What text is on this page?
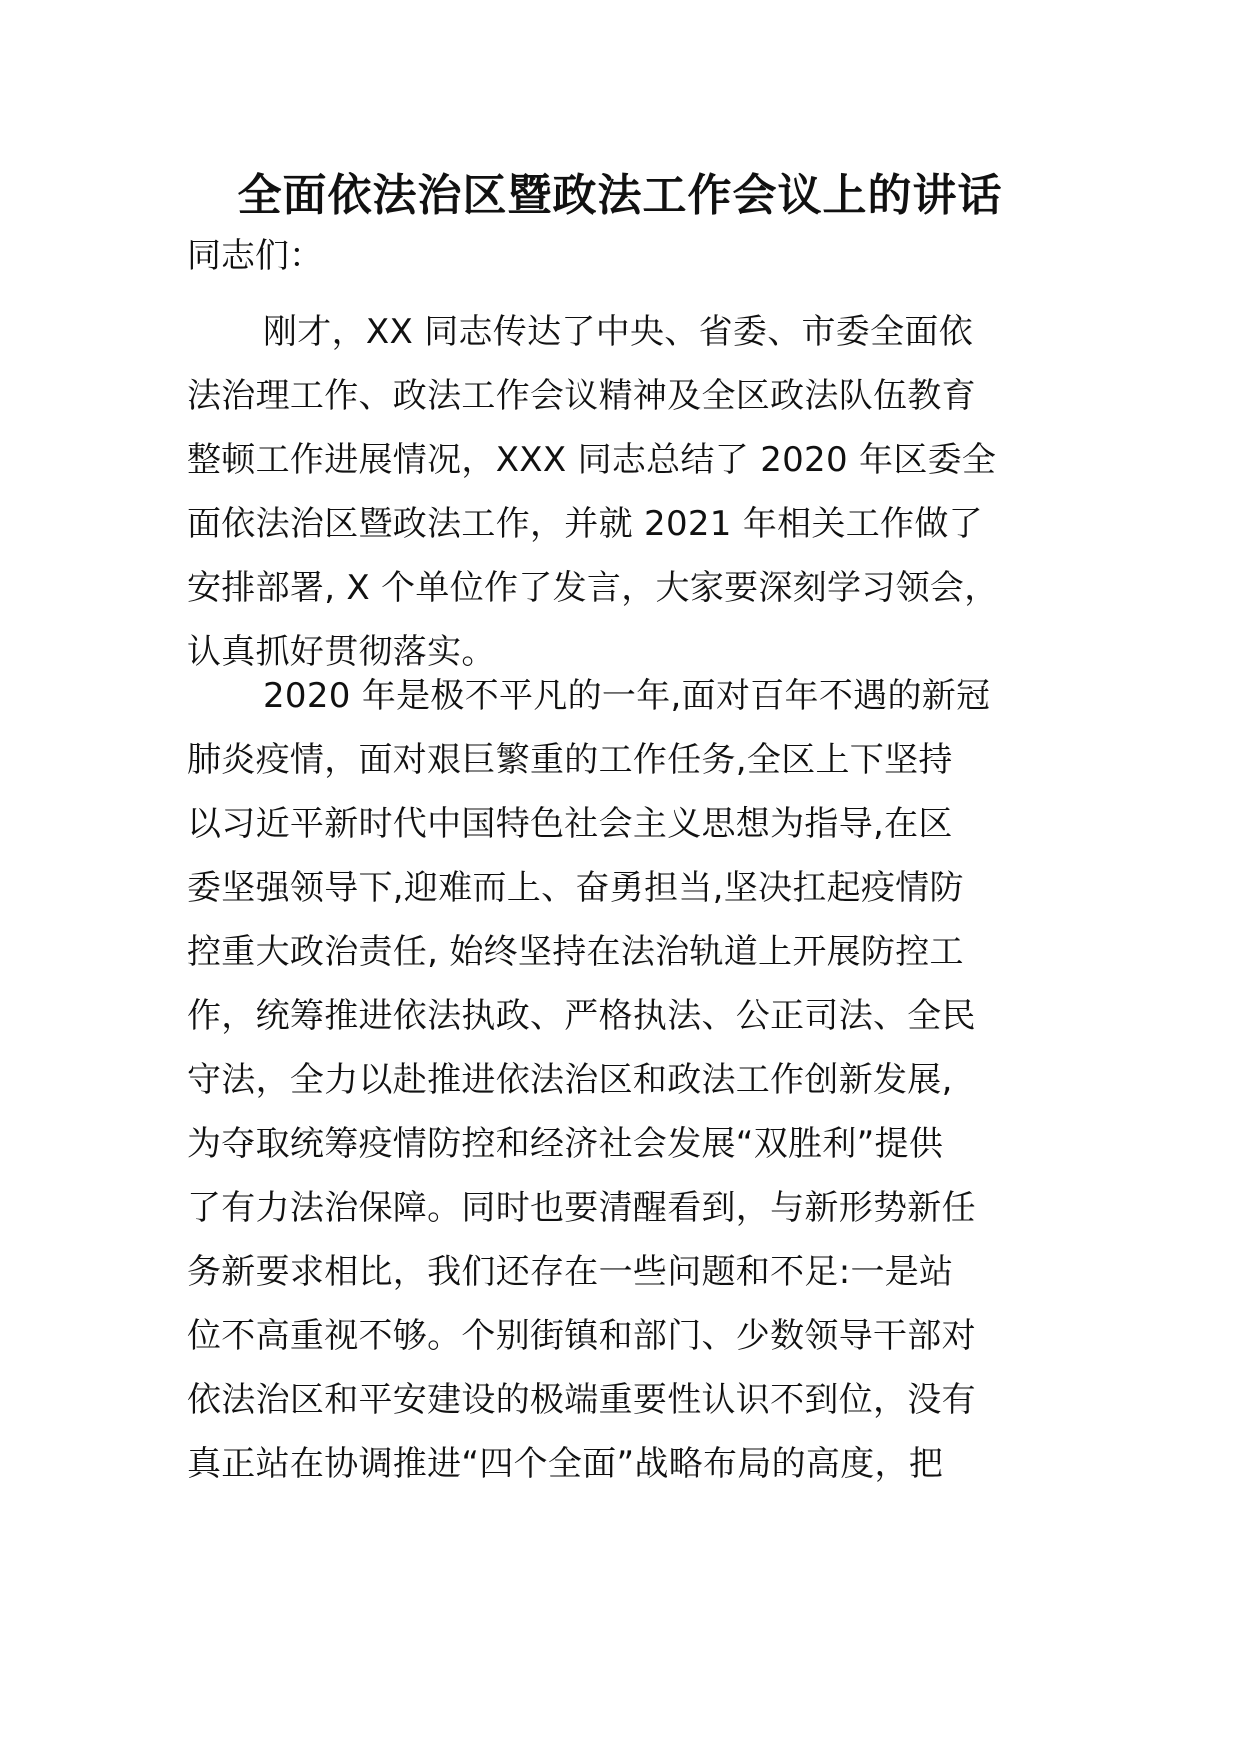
全面依法治区暨政法工作会议上的讲话
同志们：
刚才，XX 同志传达了中央、省委、市委全面依
法治理工作、政法工作会议精神及全区政法队伍教育
整顿工作进展情况，XXX 同志总结了 2020 年区委全
面依法治区暨政法工作，并就 2021 年相关工作做了
安排部署, X 个单位作了发言，大家要深刻学习领会，
认真抓好贯彻落实。
2020 年是极不平凡的一年,面对百年不遇的新冠
肺炎疫情，面对艰巨繁重的工作任务,全区上下坚持
以习近平新时代中国特色社会主义思想为指导,在区
委坚强领导下,迎难而上、奋勇担当,坚决扛起疫情防
控重大政治责任, 始终坚持在法治轨道上开展防控工
作，统筹推进依法执政、严格执法、公正司法、全民
守法，全力以赴推进依法治区和政法工作创新发展,
为夺取统筹疫情防控和经济社会发展“双胜利”提供
了有力法治保障。同时也要清醒看到，与新形势新任
务新要求相比，我们还存在一些问题和不足:一是站
位不高重视不够。个别街镇和部门、少数领导干部对
依法治区和平安建设的极端重要性认识不到位，没有
真正站在协调推进“四个全面”战略布局的高度，把
